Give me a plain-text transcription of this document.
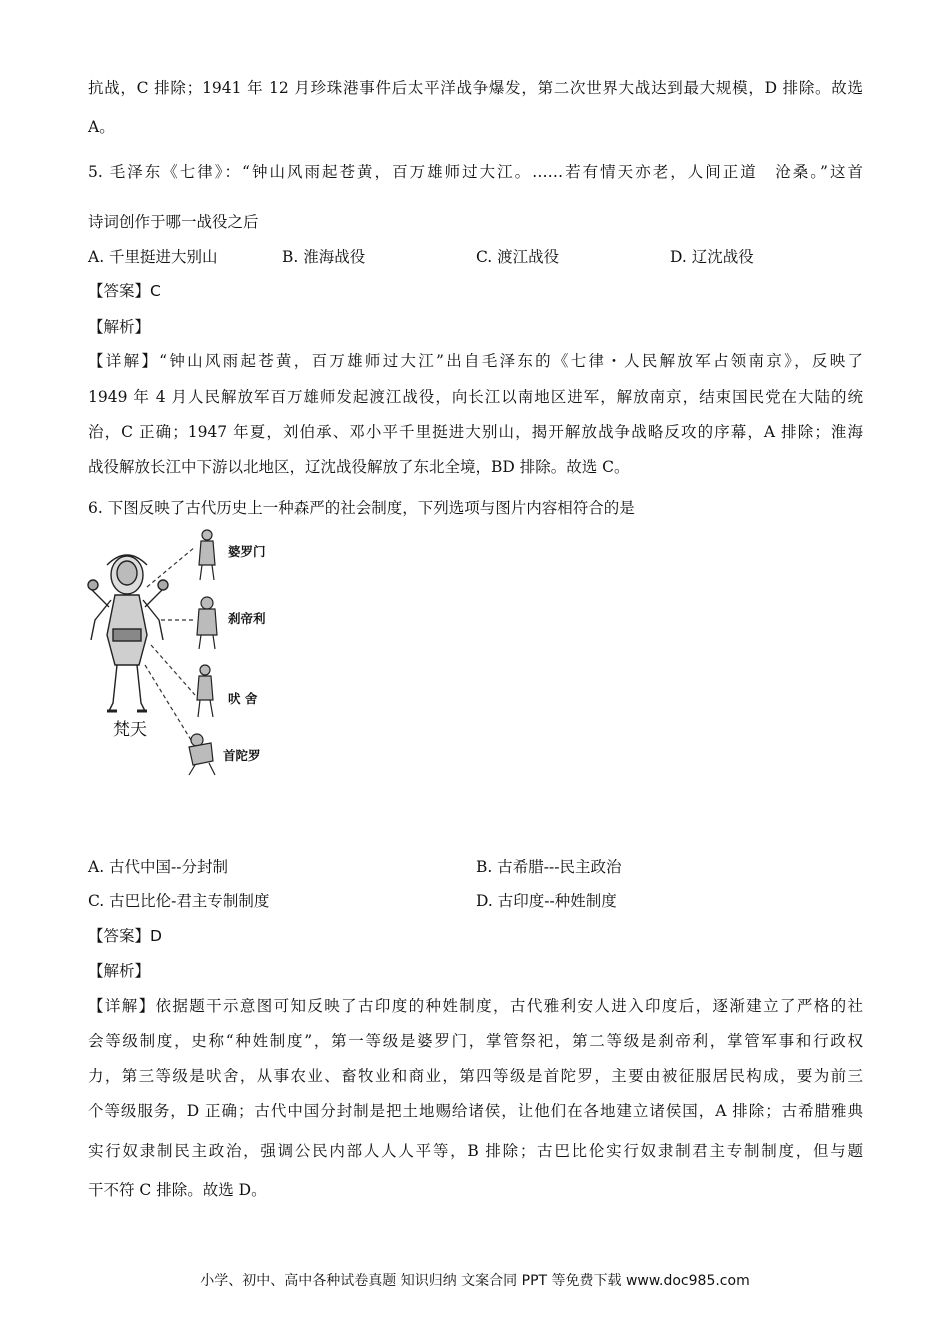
抗战，C 排除；1941 年 12 月珍珠港事件后太平洋战争爆发，第二次世界大战达到最大规模，D 排除。故选
A。
5. 毛泽东《七律》：“钟山风雨起苍黄，百万雄师过大江。……若有情天亦老，人间正道　沧桑。”这首
诗词创作于哪一战役之后
A. 千里挺进大别山	B. 淮海战役	C. 渡江战役	D. 辽沈战役
【答案】C
【解析】
【详解】“钟山风雨起苍黄，百万雄师过大江”出自毛泽东的《七律・人民解放军占领南京》，反映了
1949 年 4 月人民解放军百万雄师发起渡江战役，向长江以南地区进军，解放南京，结束国民党在大陆的统
治，C 正确；1947 年夏，刘伯承、邓小平千里挺进大别山，揭开解放战争战略反攻的序幕，A 排除；淮海
战役解放长江中下游以北地区，辽沈战役解放了东北全境，BD 排除。故选 C。
6. 下图反映了古代历史上一种森严的社会制度，下列选项与图片内容相符合的是
梵天
婆罗门
刹帝利
吠 舍
首陀罗
A. 古代中国--分封制	B. 古希腊---民主政治
C. 古巴比伦-君主专制制度	D. 古印度--种姓制度
【答案】D
【解析】
【详解】依据题干示意图可知反映了古印度的种姓制度，古代雅利安人进入印度后，逐渐建立了严格的社
会等级制度，史称“种姓制度”，第一等级是婆罗门，掌管祭祀，第二等级是刹帝利，掌管军事和行政权
力，第三等级是吠舍，从事农业、畜牧业和商业，第四等级是首陀罗，主要由被征服居民构成，要为前三
个等级服务，D 正确；古代中国分封制是把土地赐给诸侯，让他们在各地建立诸侯国，A 排除；古希腊雅典
实行奴隶制民主政治，强调公民内部人人人平等，B 排除；古巴比伦实行奴隶制君主专制制度，但与题
干不符 C 排除。故选 D。
小学、初中、高中各种试卷真题 知识归纳 文案合同 PPT 等免费下载 www.doc985.com
